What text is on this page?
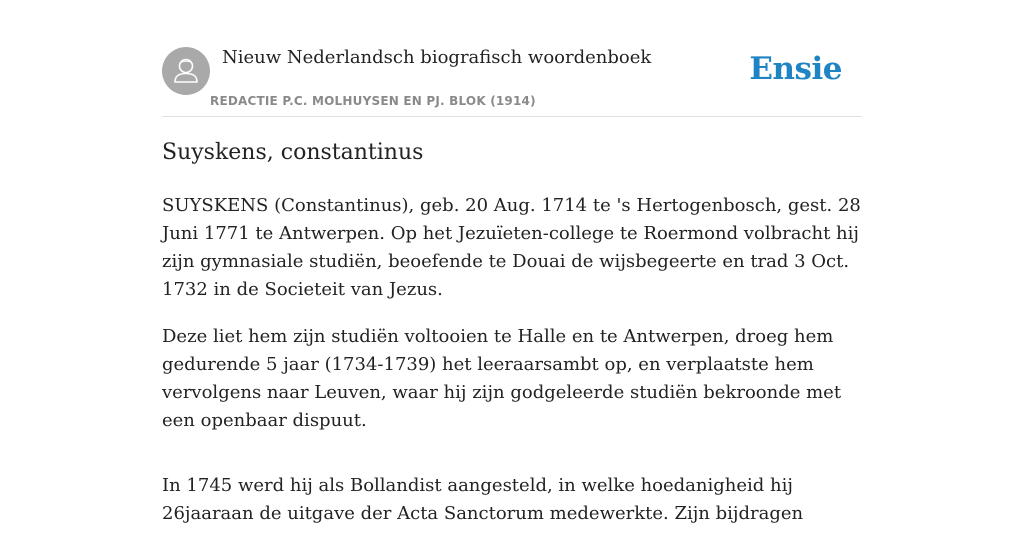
Nieuw Nederlandsch biografisch woordenboek
REDACTIE P.C. MOLHUYSEN EN PJ. BLOK (1914)
Ensie
Suyskens, constantinus

SUYSKENS (Constantinus), geb. 20 Aug. 1714 te 's Hertogenbosch, gest. 28 Juni 1771 te Antwerpen. Op het Jezuïeten-college te Roermond volbracht hij zijn gymnasiale studiën, beoefende te Douai de wijsbegeerte en trad 3 Oct. 1732 in de Societeit van Jezus.

Deze liet hem zijn studiën voltooien te Halle en te Antwerpen, droeg hem gedurende 5 jaar (1734-1739) het leeraarsambt op, en verplaatste hem vervolgens naar Leuven, waar hij zijn godgeleerde studiën bekroonde met een openbaar dispuut.

In 1745 werd hij als Bollandist aangesteld, in welke hoedanigheid hij 26jaaraan de uitgave der Acta Sanctorum medewerkte. Zijn bijdragen
